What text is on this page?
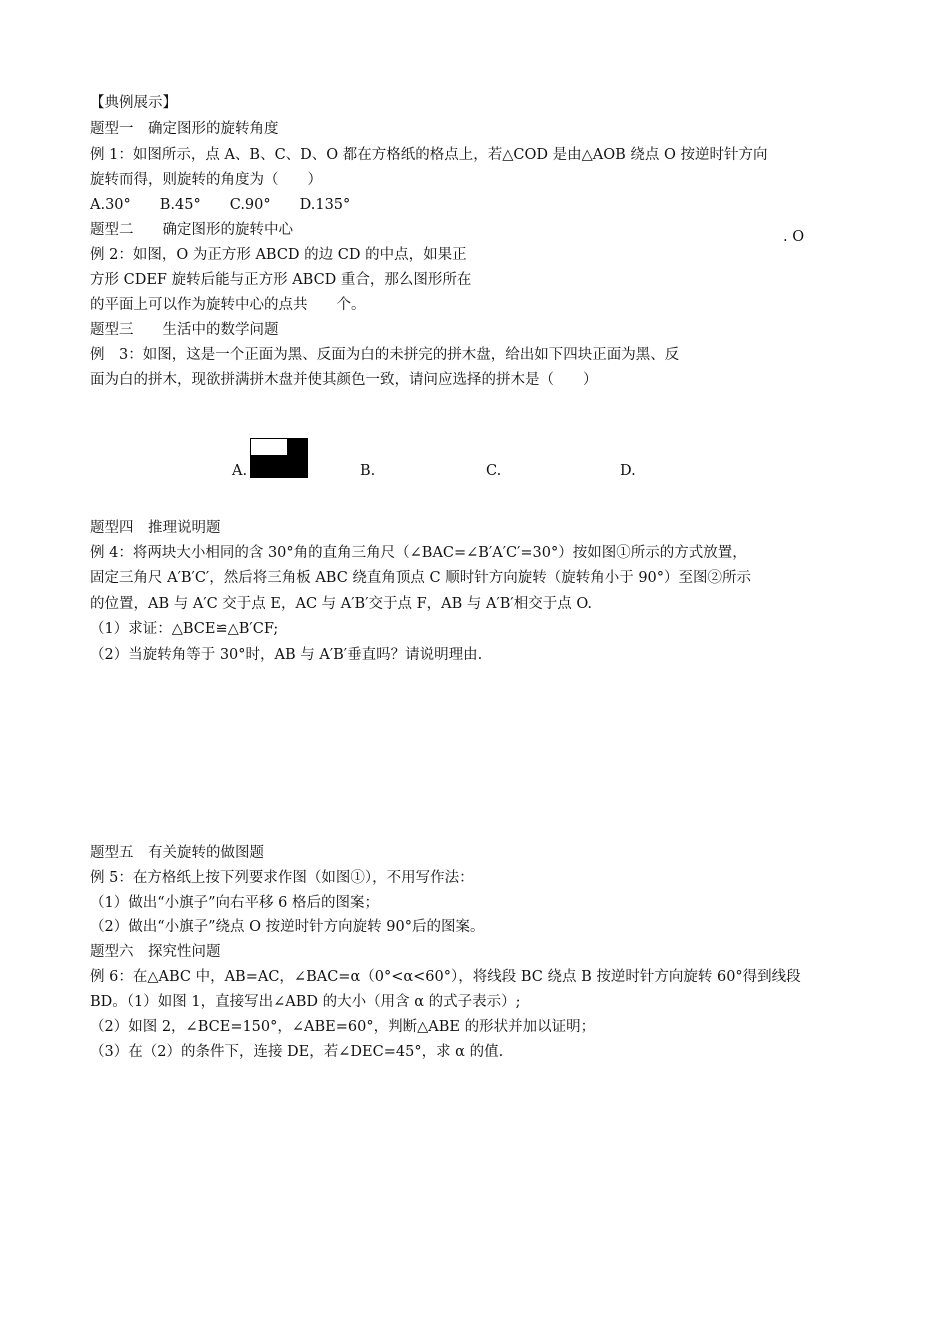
【典例展示】
题型一　确定图形的旋转角度
例 1：如图所示，点 A、B、C、D、O 都在方格纸的格点上，若△COD 是由△AOB 绕点 O 按逆时针方向
旋转而得，则旋转的角度为（　　）
A.30°　　B.45°　　C.90°　　D.135°
题型二　　确定图形的旋转中心	. O
例 2：如图，O 为正方形 ABCD 的边 CD 的中点，如果正
方形 CDEF 旋转后能与正方形 ABCD 重合，那么图形所在
的平面上可以作为旋转中心的点共　　个。
题型三　　生活中的数学问题
例　3：如图，这是一个正面为黑、反面为白的未拼完的拼木盘，给出如下四块正面为黑、反
面为白的拼木，现欲拼满拼木盘并使其颜色一致，请问应选择的拼木是（　　）
A.	B.	C.	D.
题型四　推理说明题
例 4：将两块大小相同的含 30°角的直角三角尺（∠BAC=∠B′A′C′=30°）按如图①所示的方式放置，
固定三角尺 A′B′C′，然后将三角板 ABC 绕直角顶点 C 顺时针方向旋转（旋转角小于 90°）至图②所示
的位置，AB 与 A′C 交于点 E，AC 与 A′B′交于点 F，AB 与 A′B′相交于点 O.
（1）求证：△BCE≌△B′CF;
（2）当旋转角等于 30°时，AB 与 A′B′垂直吗？请说明理由.
题型五　有关旋转的做图题
例 5：在方格纸上按下列要求作图（如图①），不用写作法：
（1）做出“小旗子”向右平移 6 格后的图案；
（2）做出“小旗子”绕点 O 按逆时针方向旋转 90°后的图案。
题型六　探究性问题
例 6：在△ABC 中，AB=AC，∠BAC=α（0°<α<60°），将线段 BC 绕点 B 按逆时针方向旋转 60°得到线段
BD。（1）如图 1，直接写出∠ABD 的大小（用含 α 的式子表示）;
（2）如图 2，∠BCE=150°，∠ABE=60°，判断△ABE 的形状并加以证明；
（3）在（2）的条件下，连接 DE，若∠DEC=45°，求 α 的值.
